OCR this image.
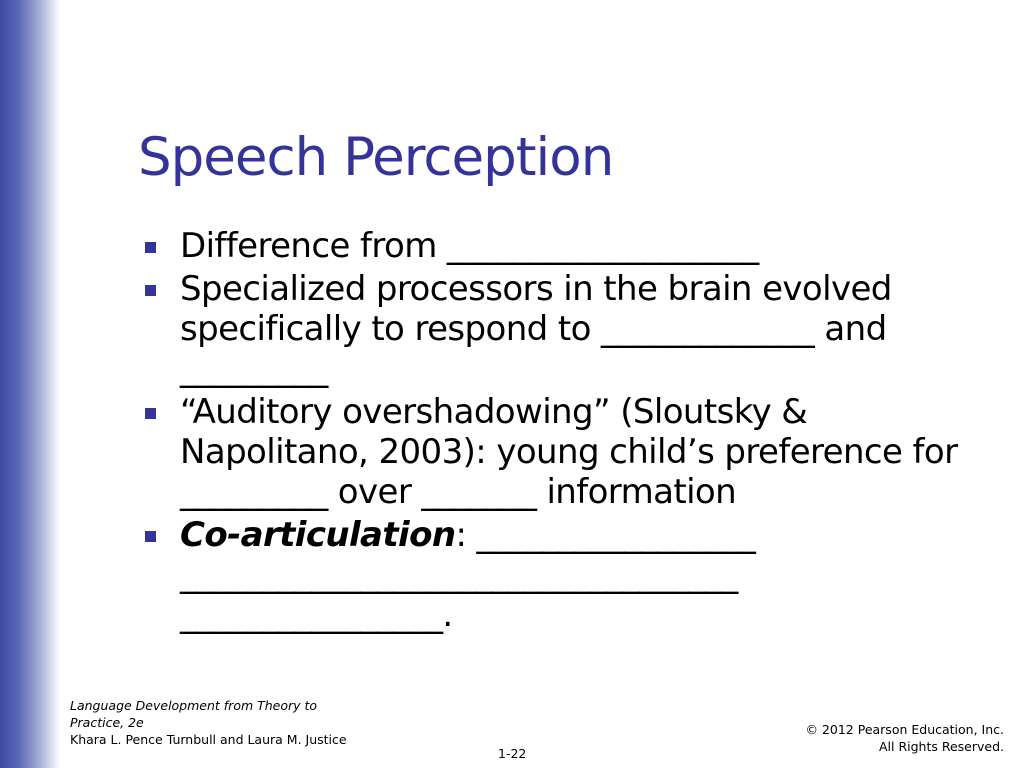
Speech Perception
Difference from ___________________
Specialized processors in the brain evolved specifically to respond to _____________ and _________
“Auditory overshadowing” (Sloutsky & Napolitano, 2003): young child’s preference for _________ over _______ information
Co-articulation: _________________ __________________________________ ________________.
Language Development from Theory to Practice, 2e
Khara L. Pence Turnbull and Laura M. Justice
1-22
© 2012 Pearson Education, Inc.
All Rights Reserved.
